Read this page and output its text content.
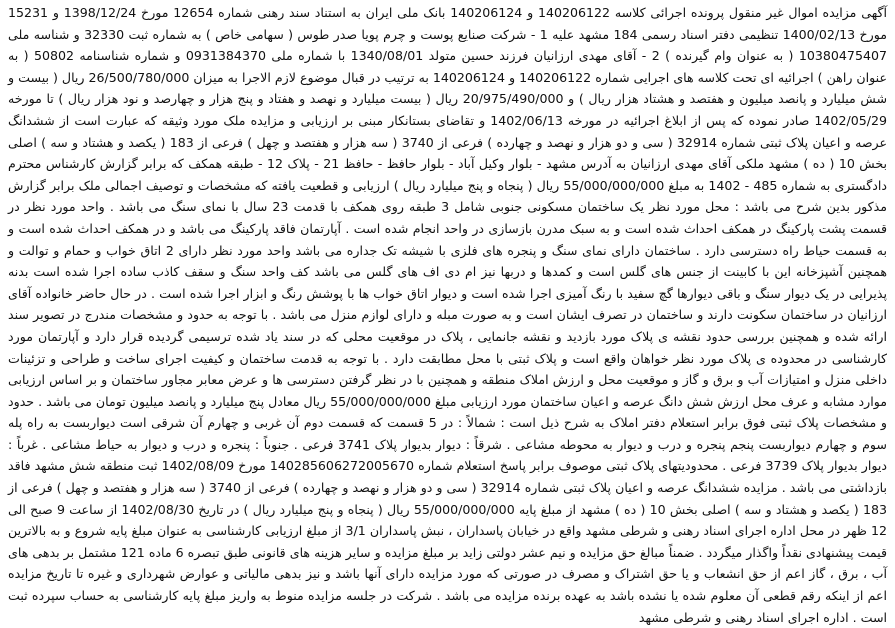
آگهی مزایده اموال غیر منقول پرونده اجرائی کلاسه 140206122 و 140206124 بانک ملی ایران به استناد سند رهنی شماره 12654 مورخ 1398/12/24 و 15231 مورخ 1400/02/13 تنظیمی دفتر اسناد رسمی 184 مشهد علیه 1 - شرکت صنایع پوست و چرم پویا صدر طوس ( سهامی خاص ) به شماره ثبت 32330 و شناسه ملی 10380475407 ( به عنوان وام گیرنده ) 2 - آقای مهدی ارزانیان فرزند حسین متولد 1340/08/01 با شماره ملی 0931384370 و شماره شناسنامه 50802 ( به عنوان راهن ) اجرائیه ای تحت کلاسه های اجرایی شماره 140206122 و 140206124 به ترتیب در قبال موضوع لازم الاجرا به میزان 26/500/780/000 ریال ( بیست و شش میلیارد و پانصد میلیون و هفتصد و هشتاد هزار ریال ) و 20/975/490/000 ریال ( بیست میلیارد و نهصد و هفتاد و پنج هزار و چهارصد و نود هزار ریال ) تا مورخه 1402/05/29 صادر نموده که پس از ابلاغ اجرائیه در مورخه 1402/06/13 و تقاضای بستانکار مبنی بر ارزیابی و مزایده ملک مورد وثیقه که عبارت است از ششدانگ عرصه و اعیان پلاک ثبتی شماره 32914 ( سی و دو هزار و نهصد و چهارده ) فرعی از 3740 ( سه هزار و هفتصد و چهل ) فرعی از 183 ( یکصد و هشتاد و سه ) اصلی بخش 10 ( ده ) مشهد ملکی آقای مهدی ارزانیان به آدرس مشهد - بلوار وکیل آباد - بلوار حافظ - حافظ 21 - پلاک 12 - طبقه همکف که برابر گزارش کارشناس محترم دادگستری به شماره 485 - 1402 به مبلغ 55/000/000/000 ریال ( پنجاه و پنج میلیارد ریال ) ارزیابی و قطعیت یافته که مشخصات و توصیف اجمالی ملک برابر گزارش مذکور بدین شرح می باشد : محل مورد نظر یک ساختمان مسکونی جنوبی شامل 3 طبقه روی همکف با قدمت 23 سال با نمای سنگ می باشد . واحد مورد نظر در قسمت پشت پارکینگ در همکف احداث شده است و به سبک مدرن بازسازی در واحد انجام شده است . آپارتمان فاقد پارکینگ می باشد و در همکف احداث شده است و به قسمت حیاط راه دسترسی دارد . ساختمان دارای نمای سنگ و پنجره های فلزی با شیشه تک جداره می باشد واحد مورد نظر دارای 2 اتاق خواب و حمام و توالت و همچنین آشپزخانه این با کابینت از جنس های گلس است و کمدها و دربها نیز ام دی اف های گلس می باشد کف واحد سنگ و سقف کاذب ساده اجرا شده است بدنه پذیرایی در یک دیوار سنگ و باقی دیوارها گچ سفید با رنگ آمیزی اجرا شده است و دیوار اتاق خواب ها با پوشش رنگ و ابزار اجرا شده است . در حال حاضر خانواده آقای ارزانیان در ساختمان سکونت دارند و ساختمان در تصرف ایشان است و به صورت مبله و دارای لوازم منزل می باشد . با توجه به حدود و مشخصات مندرج در تصویر سند ارائه شده و همچنین بررسی حدود نقشه ی پلاک مورد بازدید و نقشه جانمایی ، پلاک در موقعیت محلی که در سند یاد شده ترسیمی گردیده قرار دارد و آپارتمان مورد کارشناسی در محدوده ی پلاک مورد نظر خواهان واقع است و پلاک ثبتی با محل مطابقت دارد . با توجه به قدمت ساختمان و کیفیت اجرای ساخت و طراحی و تزئینات داخلی منزل و امتیازات آب و برق و گاز و موقعیت محل و ارزش املاک منطقه و همچنین با در نظر گرفتن دسترسی ها و عرض معابر مجاور ساختمان و بر اساس ارزیابی موارد مشابه و عرف محل ارزش شش دانگ عرصه و اعیان ساختمان مورد ارزیابی مبلغ 55/000/000/000 ریال معادل پنج میلیارد و پانصد میلیون تومان می باشد . حدود و مشخصات پلاک ثبتی فوق برابر استعلام دفتر املاک به شرح ذیل است : شمالاً : در 5 قسمت که قسمت دوم آن غربی و چهارم آن شرقی است دیواربست به راه پله سوم و چهارم دیواربست پنجم پنجره و درب و دیوار به محوطه مشاعی . شرقاً : دیوار بدیوار پلاک 3741 فرعی . جنوباً : پنجره و درب و دیوار به حیاط مشاعی . غرباً : دیوار بدیوار پلاک 3739 فرعی . محدودیتهای پلاک ثبتی موصوف برابر پاسخ استعلام شماره 140285606272005670 مورخ 1402/08/09 ثبت منطقه شش مشهد فاقد بازداشتی می باشد . مزایده ششدانگ عرصه و اعیان پلاک ثبتی شماره 32914 ( سی و دو هزار و نهصد و چهارده ) فرعی از 3740 ( سه هزار و هفتصد و چهل ) فرعی از 183 ( یکصد و هشتاد و سه ) اصلی بخش 10 ( ده ) مشهد از مبلغ پایه 55/000/000/000 ریال ( پنجاه و پنج میلیارد ریال ) در تاریخ 1402/08/30 از ساعت 9 صبح الی 12 ظهر در محل اداره اجرای اسناد رهنی و شرطی مشهد واقع در خیابان پاسداران ، نبش پاسداران 3/1 از مبلغ ارزیابی کارشناسی به عنوان مبلغ پایه شروع و به بالاترین قیمت پیشنهادی نقداً واگذار میگردد . ضمناً مبالغ حق مزایده و نیم عشر دولتی زاید بر مبلغ مزایده و سایر هزینه های قانونی طبق تبصره 6 ماده 121 مشتمل بر بدهی های آب ، برق ، گاز اعم از حق انشعاب و یا حق اشتراک و مصرف در صورتی که مورد مزایده دارای آنها باشد و نیز بدهی مالیاتی و عوارض شهرداری و غیره تا تاریخ مزایده اعم از اینکه رقم قطعی آن معلوم شده یا نشده باشد به عهده برنده مزایده می باشد . شرکت در جلسه مزایده منوط به واریز مبلغ پایه کارشناسی به حساب سپرده ثبت است . اداره اجرای اسناد رهنی و شرطی مشهد
